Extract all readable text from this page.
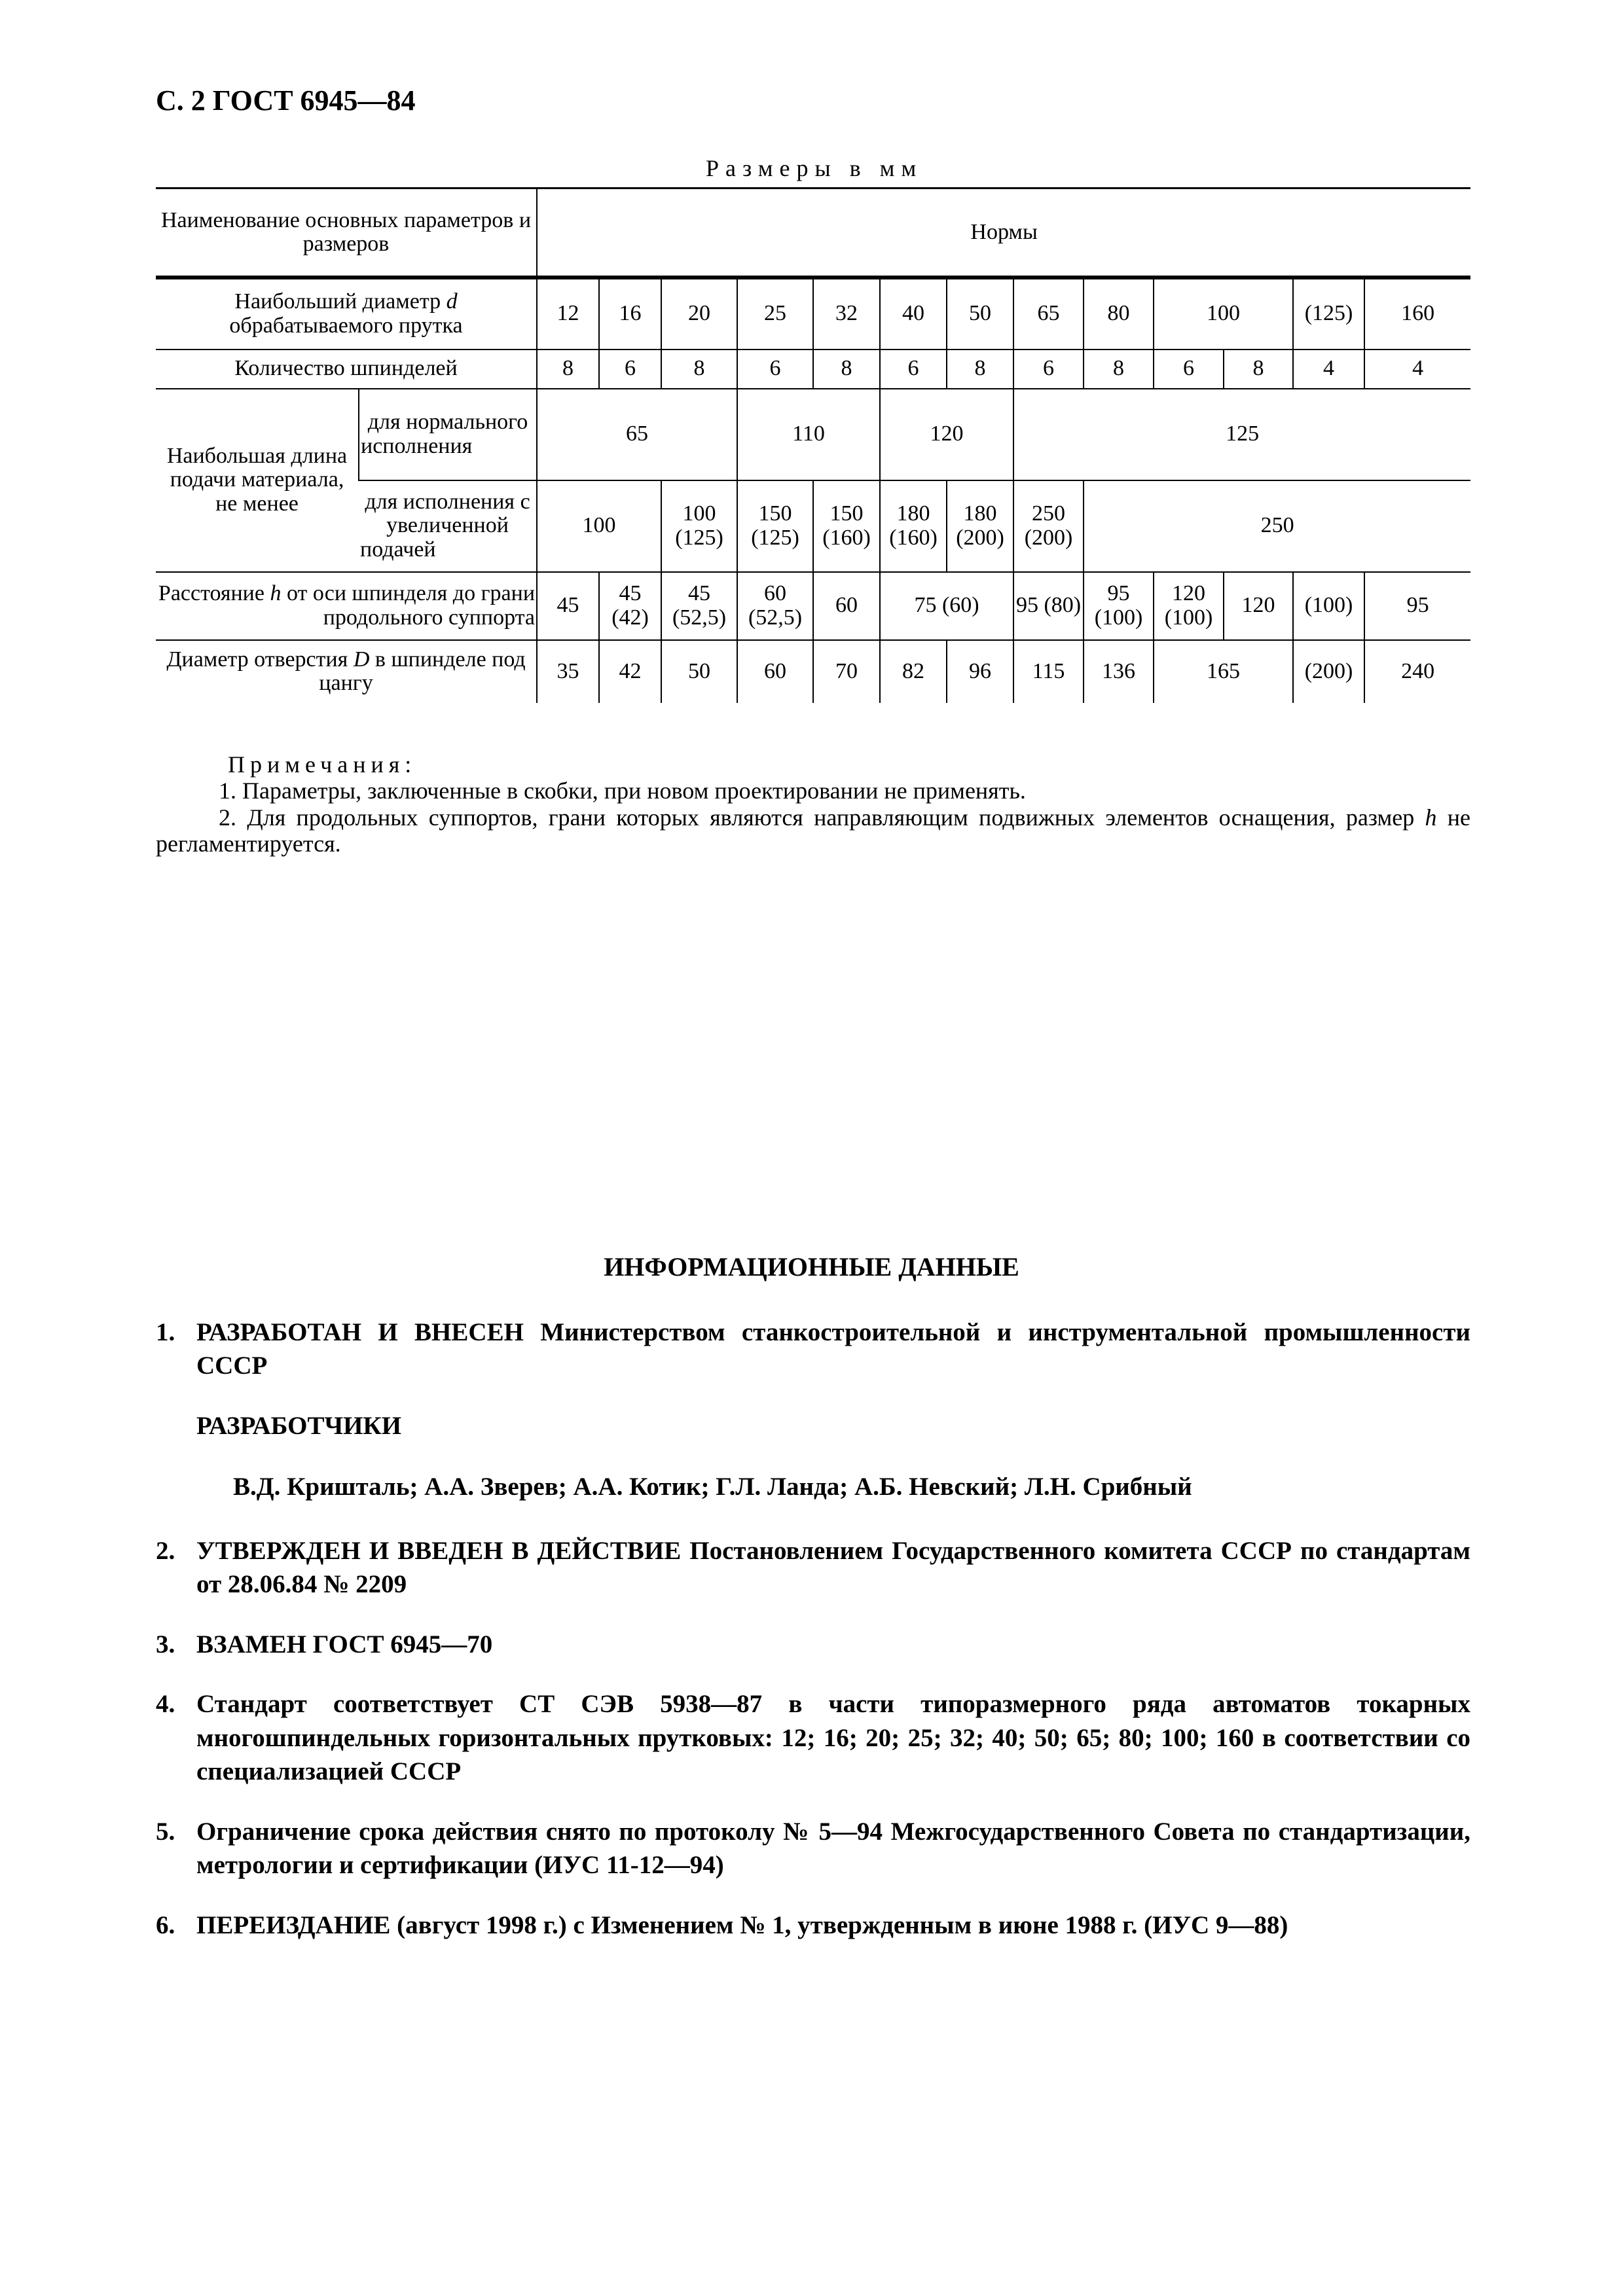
С. 2 ГОСТ 6945—84
Размеры в мм
Наименование основных параметров и размеров		Нормы												
Наибольший диаметр d обрабатываемого прутка		12	16	20	25	32	40	50	65	80	100		(125)	160
Количество шпинделей		8	6	8	6	8	6	8	6	8	6	8	4	4
Наибольшая длина подачи материала, не менее	для нормального исполнения	65			110		120		125					
	для исполнения с увеличенной подачей	100		100 (125)	150 (125)	150 (160)	180 (160)	180 (200)	250 (200)	250				
Расстояние h от оси шпинделя до грани продольного суппорта		45	45 (42)	45 (52,5)	60 (52,5)	60	75 (60)		95 (80)	95 (100)	120 (100)	120	(100)	95
Диаметр отверстия D в шпинделе под цангу		35	42	50	60	70	82	96	115	136	165		(200)	240
Примечания:
1. Параметры, заключенные в скобки, при новом проектировании не применять.
2. Для продольных суппортов, грани которых являются направляющим подвижных элементов оснащения, размер h не регламентируется.
ИНФОРМАЦИОННЫЕ ДАННЫЕ
1. РАЗРАБОТАН И ВНЕСЕН Министерством станкостроительной и инструментальной промышленности СССР
РАЗРАБОТЧИКИ
В.Д. Кришталь; А.А. Зверев; А.А. Котик; Г.Л. Ланда; А.Б. Невский; Л.Н. Срибный
2. УТВЕРЖДЕН И ВВЕДЕН В ДЕЙСТВИЕ Постановлением Государственного комитета СССР по стандартам от 28.06.84 № 2209
3. ВЗАМЕН ГОСТ 6945—70
4. Стандарт соответствует СТ СЭВ 5938—87 в части типоразмерного ряда автоматов токарных многошпиндельных горизонтальных прутковых: 12; 16; 20; 25; 32; 40; 50; 65; 80; 100; 160 в соответствии со специализацией СССР
5. Ограничение срока действия снято по протоколу № 5—94 Межгосударственного Совета по стандартизации, метрологии и сертификации (ИУС 11-12—94)
6. ПЕРЕИЗДАНИЕ (август 1998 г.) с Изменением № 1, утвержденным в июне 1988 г. (ИУС 9—88)
